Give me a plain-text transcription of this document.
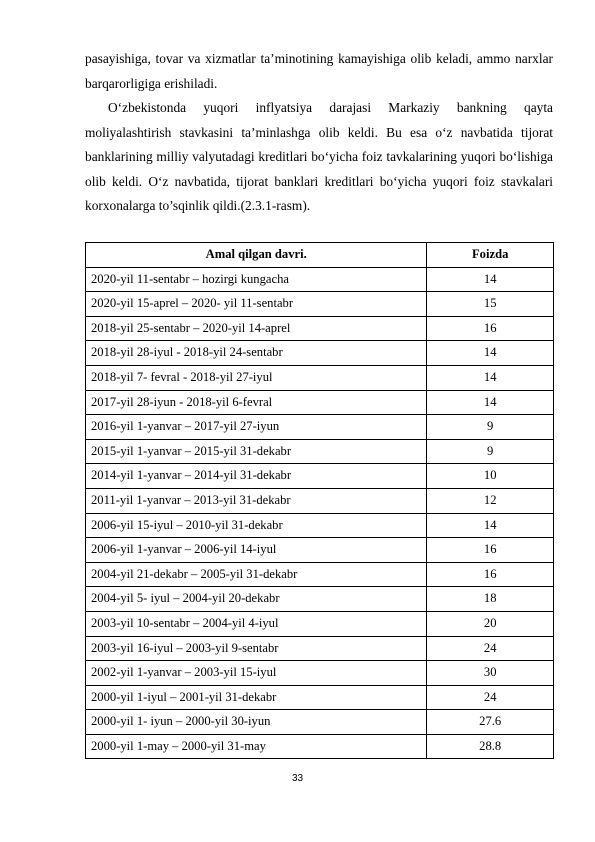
pasayishiga, tovar va xizmatlar ta’minotining kamayishiga olib keladi, ammo narxlar barqarorligiga erishiladi.

O‘zbekistonda yuqori inflyatsiya darajasi Markaziy bankning qayta moliyalashtirish stavkasini ta’minlashga olib keldi. Bu esa o‘z navbatida tijorat banklarining milliy valyutadagi kreditlari bo‘yicha foiz tavkalarining yuqori bo‘lishiga olib keldi. O‘z navbatida, tijorat banklari kreditlari bo‘yicha yuqori foiz stavkalari korxonalarga to’sqinlik qildi.(2.3.1-rasm).

Amal qilgan davri.	Foizda
2020-yil 11-sentabr – hozirgi kungacha	14
2020-yil 15-aprel – 2020- yil 11-sentabr	15
2018-yil 25-sentabr – 2020-yil 14-aprel	16
2018-yil 28-iyul - 2018-yil 24-sentabr	14
2018-yil 7- fevral - 2018-yil 27-iyul	14
2017-yil 28-iyun - 2018-yil 6-fevral	14
2016-yil 1-yanvar – 2017-yil 27-iyun	9
2015-yil 1-yanvar – 2015-yil 31-dekabr	9
2014-yil 1-yanvar – 2014-yil 31-dekabr	10
2011-yil 1-yanvar – 2013-yil 31-dekabr	12
2006-yil 15-iyul – 2010-yil 31-dekabr	14
2006-yil 1-yanvar – 2006-yil 14-iyul	16
2004-yil 21-dekabr – 2005-yil 31-dekabr	16
2004-yil 5- iyul – 2004-yil 20-dekabr	18
2003-yil 10-sentabr – 2004-yil 4-iyul	20
2003-yil 16-iyul – 2003-yil 9-sentabr	24
2002-yil 1-yanvar – 2003-yil 15-iyul	30
2000-yil 1-iyul – 2001-yil 31-dekabr	24
2000-yil 1- iyun – 2000-yil 30-iyun	27.6
2000-yil 1-may – 2000-yil 31-may	28.8
33
